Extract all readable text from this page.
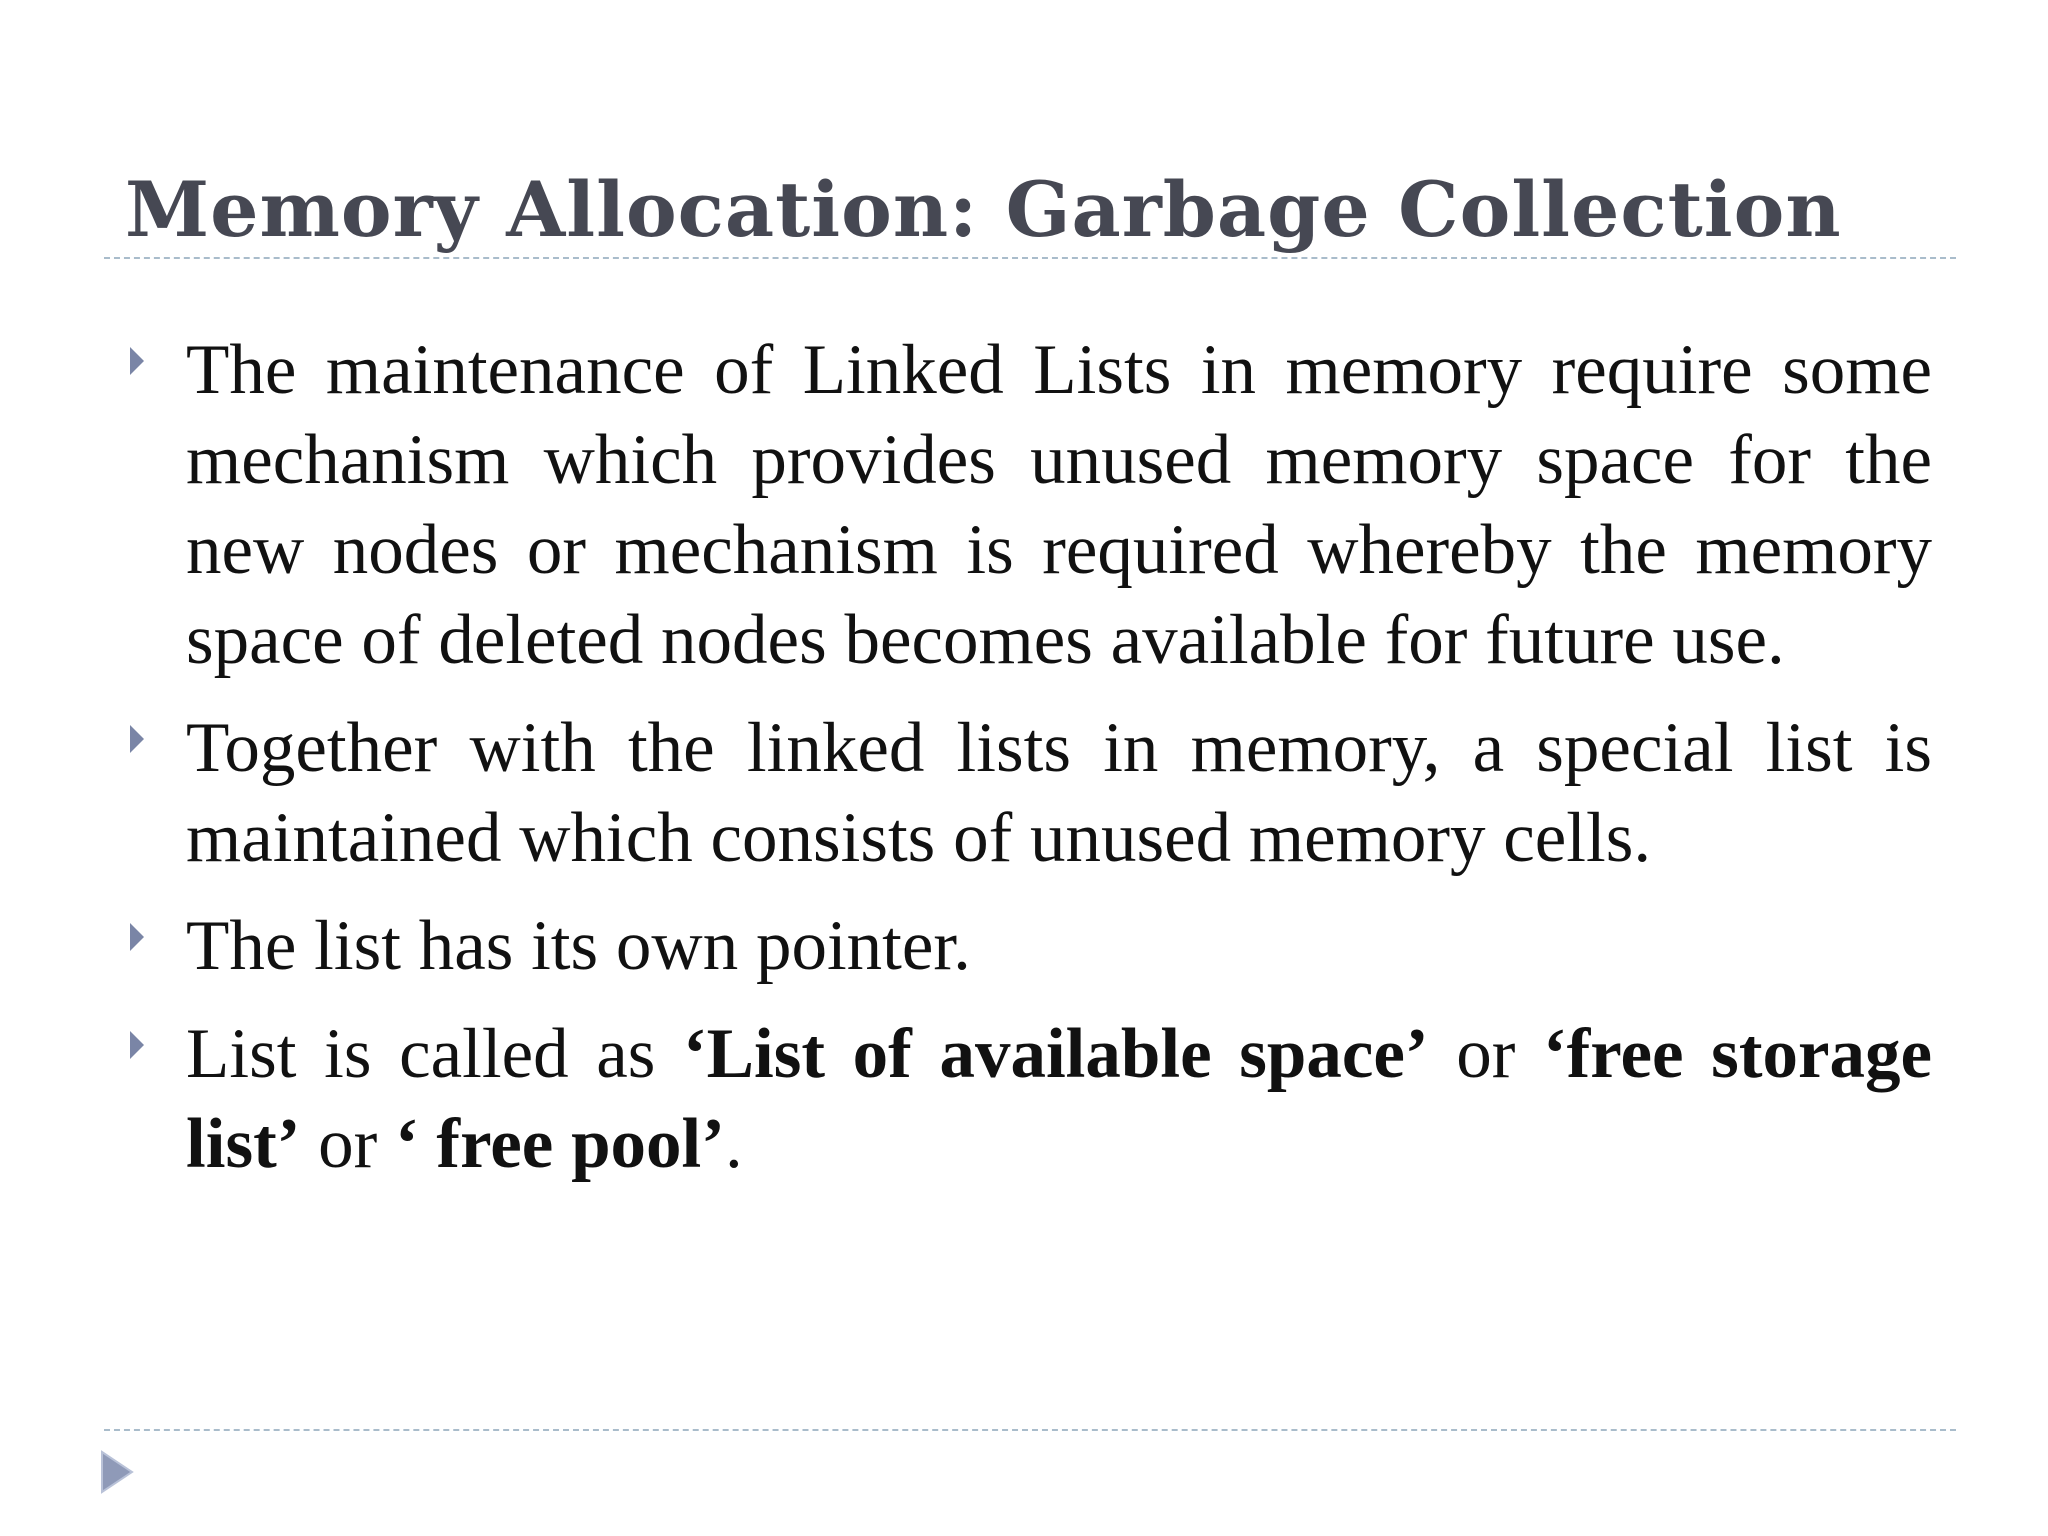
Memory Allocation: Garbage Collection

The maintenance of Linked Lists in memory require some mechanism which provides unused memory space for the new nodes or mechanism is required whereby the memory space of deleted nodes becomes available for future use.

Together with the linked lists in memory, a special list is maintained which consists of unused memory cells.

The list has its own pointer.

List is called as ‘List of available space’ or ‘free storage list’ or ‘ free pool’.
